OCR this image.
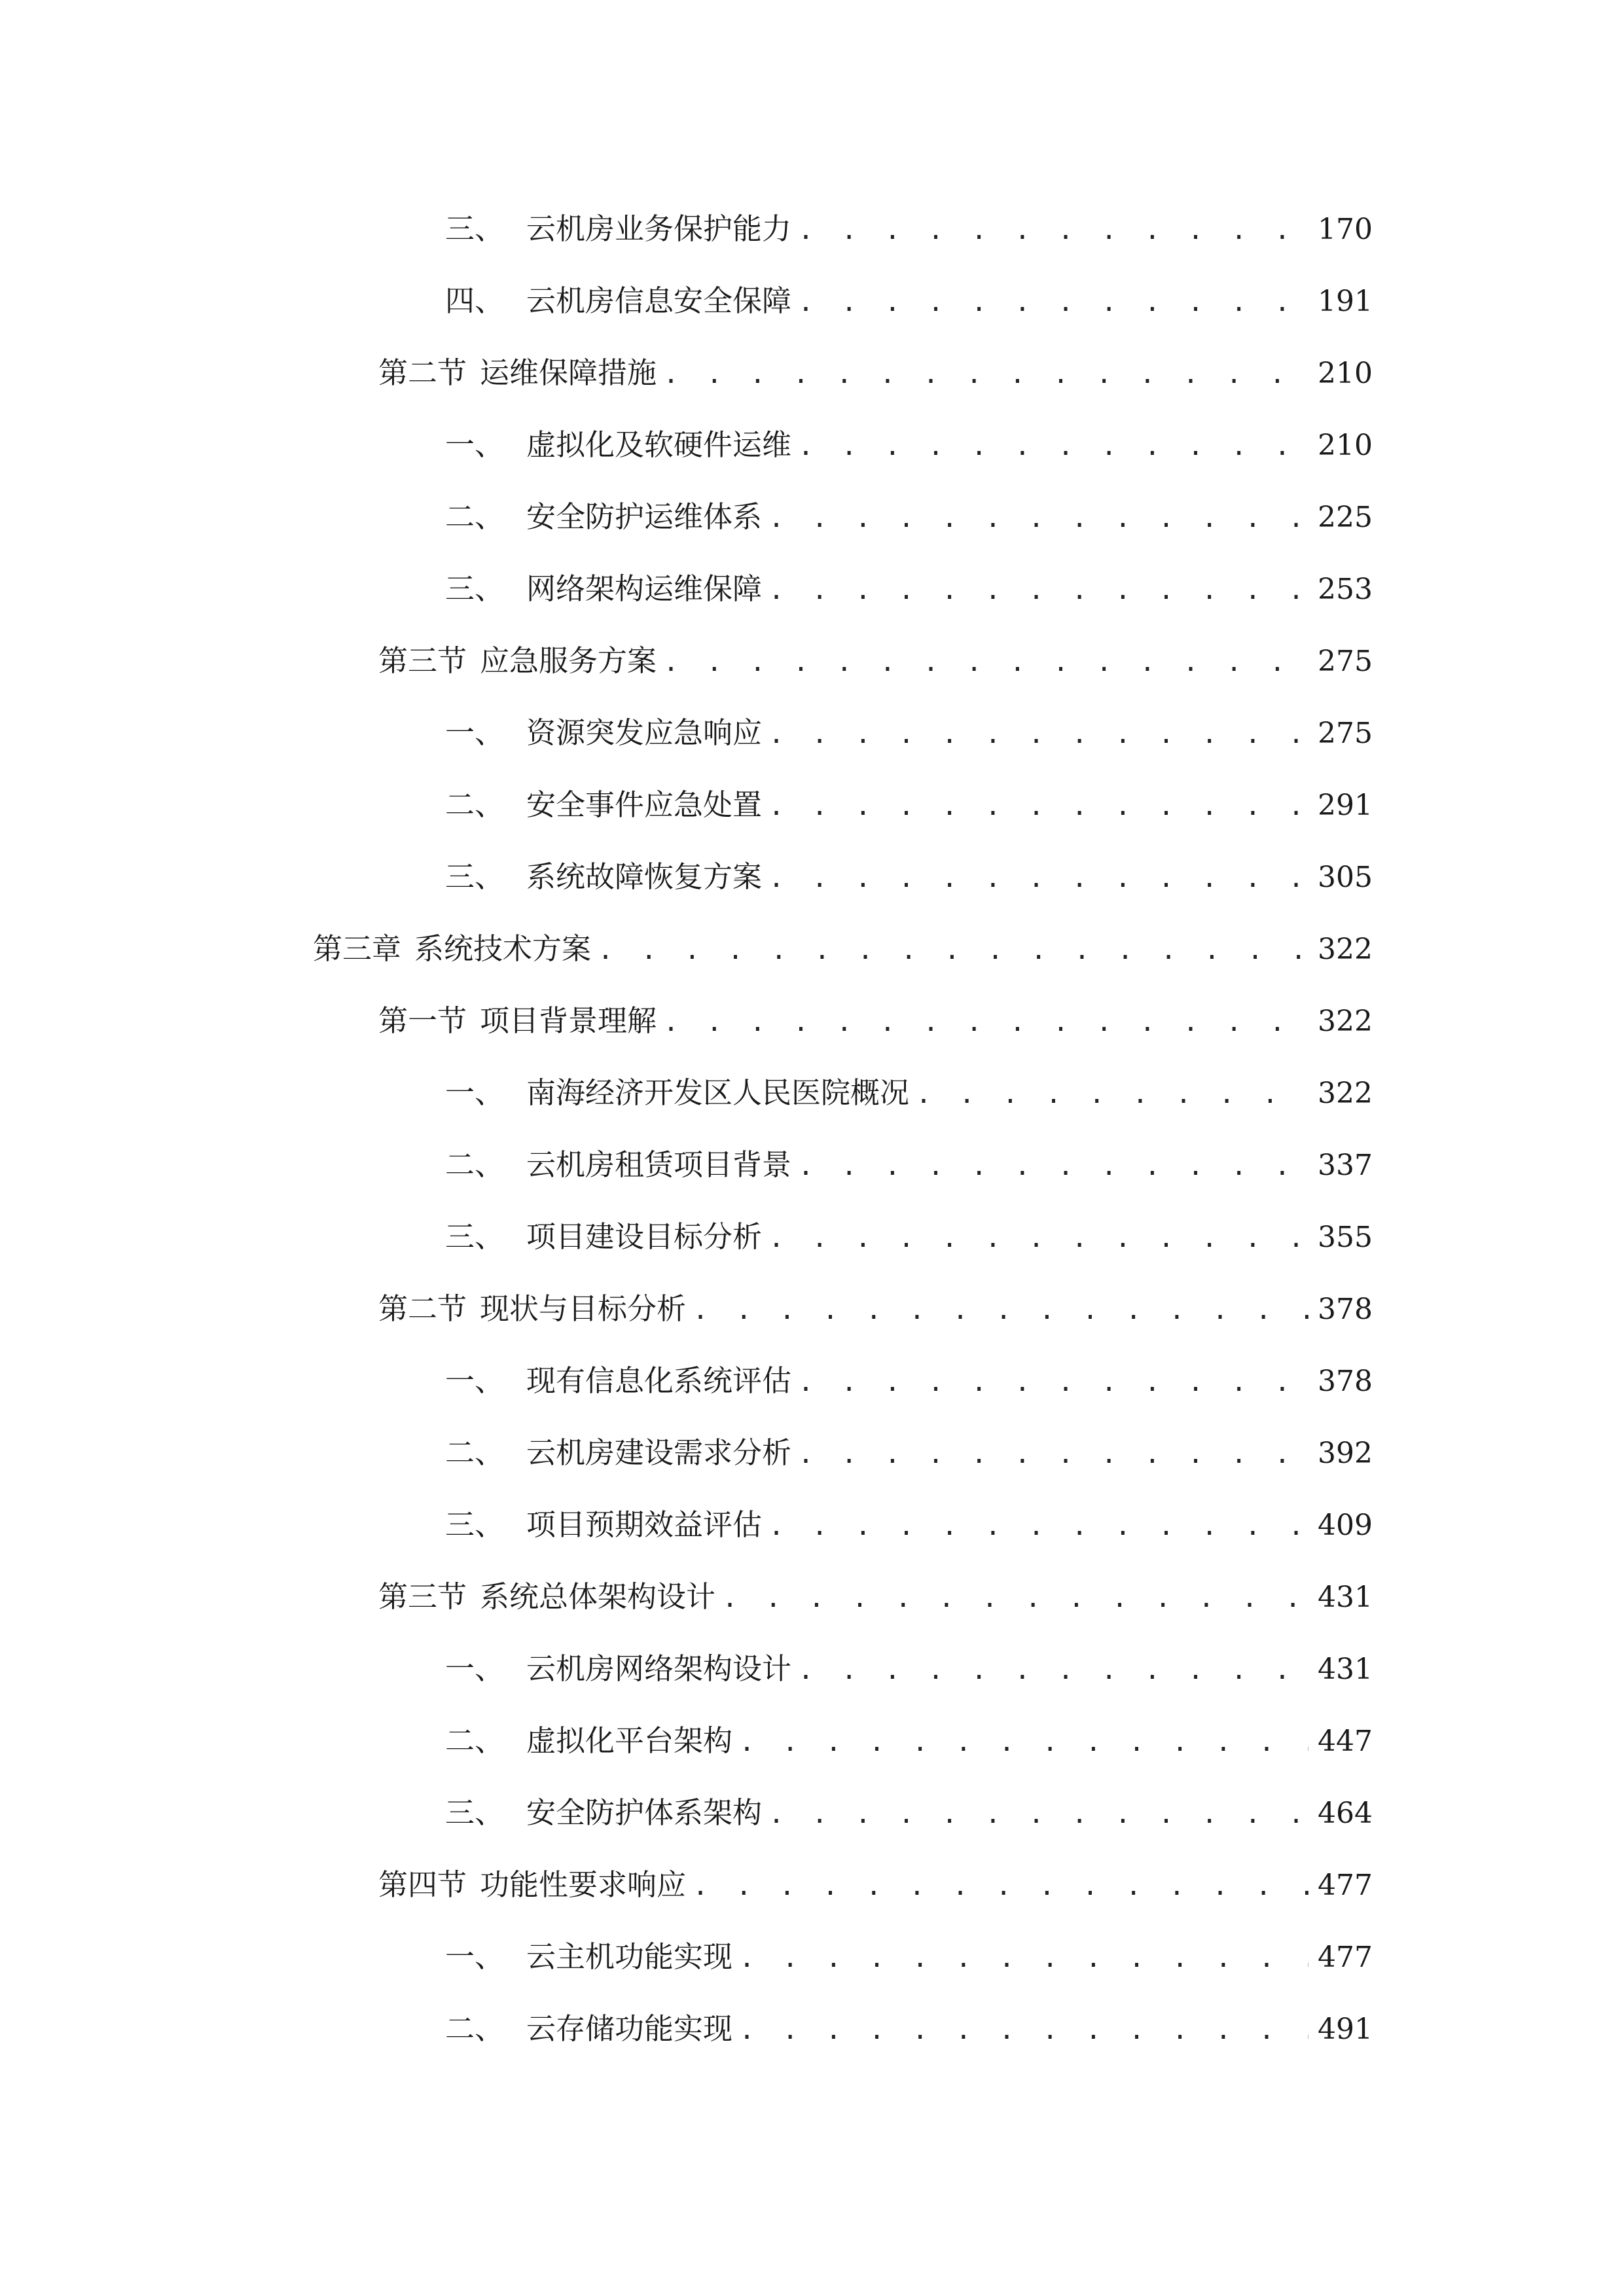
三、 云机房业务保护能力 . . .	170
四、 云机房信息安全保障 . . .	191
第二节 运维保障措施 . . .	210
一、 虚拟化及软硬件运维 . . .	210
二、 安全防护运维体系 . . .	225
三、 网络架构运维保障 . . .	253
第三节 应急服务方案 . . .	275
一、 资源突发应急响应 . . .	275
二、 安全事件应急处置 . . .	291
三、 系统故障恢复方案 . . .	305
第三章 系统技术方案 . . .	322
第一节 项目背景理解 . . .	322
一、 南海经济开发区人民医院概况 . . .	322
二、 云机房租赁项目背景 . . .	337
三、 项目建设目标分析 . . .	355
第二节 现状与目标分析 . . .	378
一、 现有信息化系统评估 . . .	378
二、 云机房建设需求分析 . . .	392
三、 项目预期效益评估 . . .	409
第三节 系统总体架构设计 . . .	431
一、 云机房网络架构设计 . . .	431
二、 虚拟化平台架构 . . .	447
三、 安全防护体系架构 . . .	464
第四节 功能性要求响应 . . .	477
一、 云主机功能实现 . . .	477
二、 云存储功能实现 . . .	491
